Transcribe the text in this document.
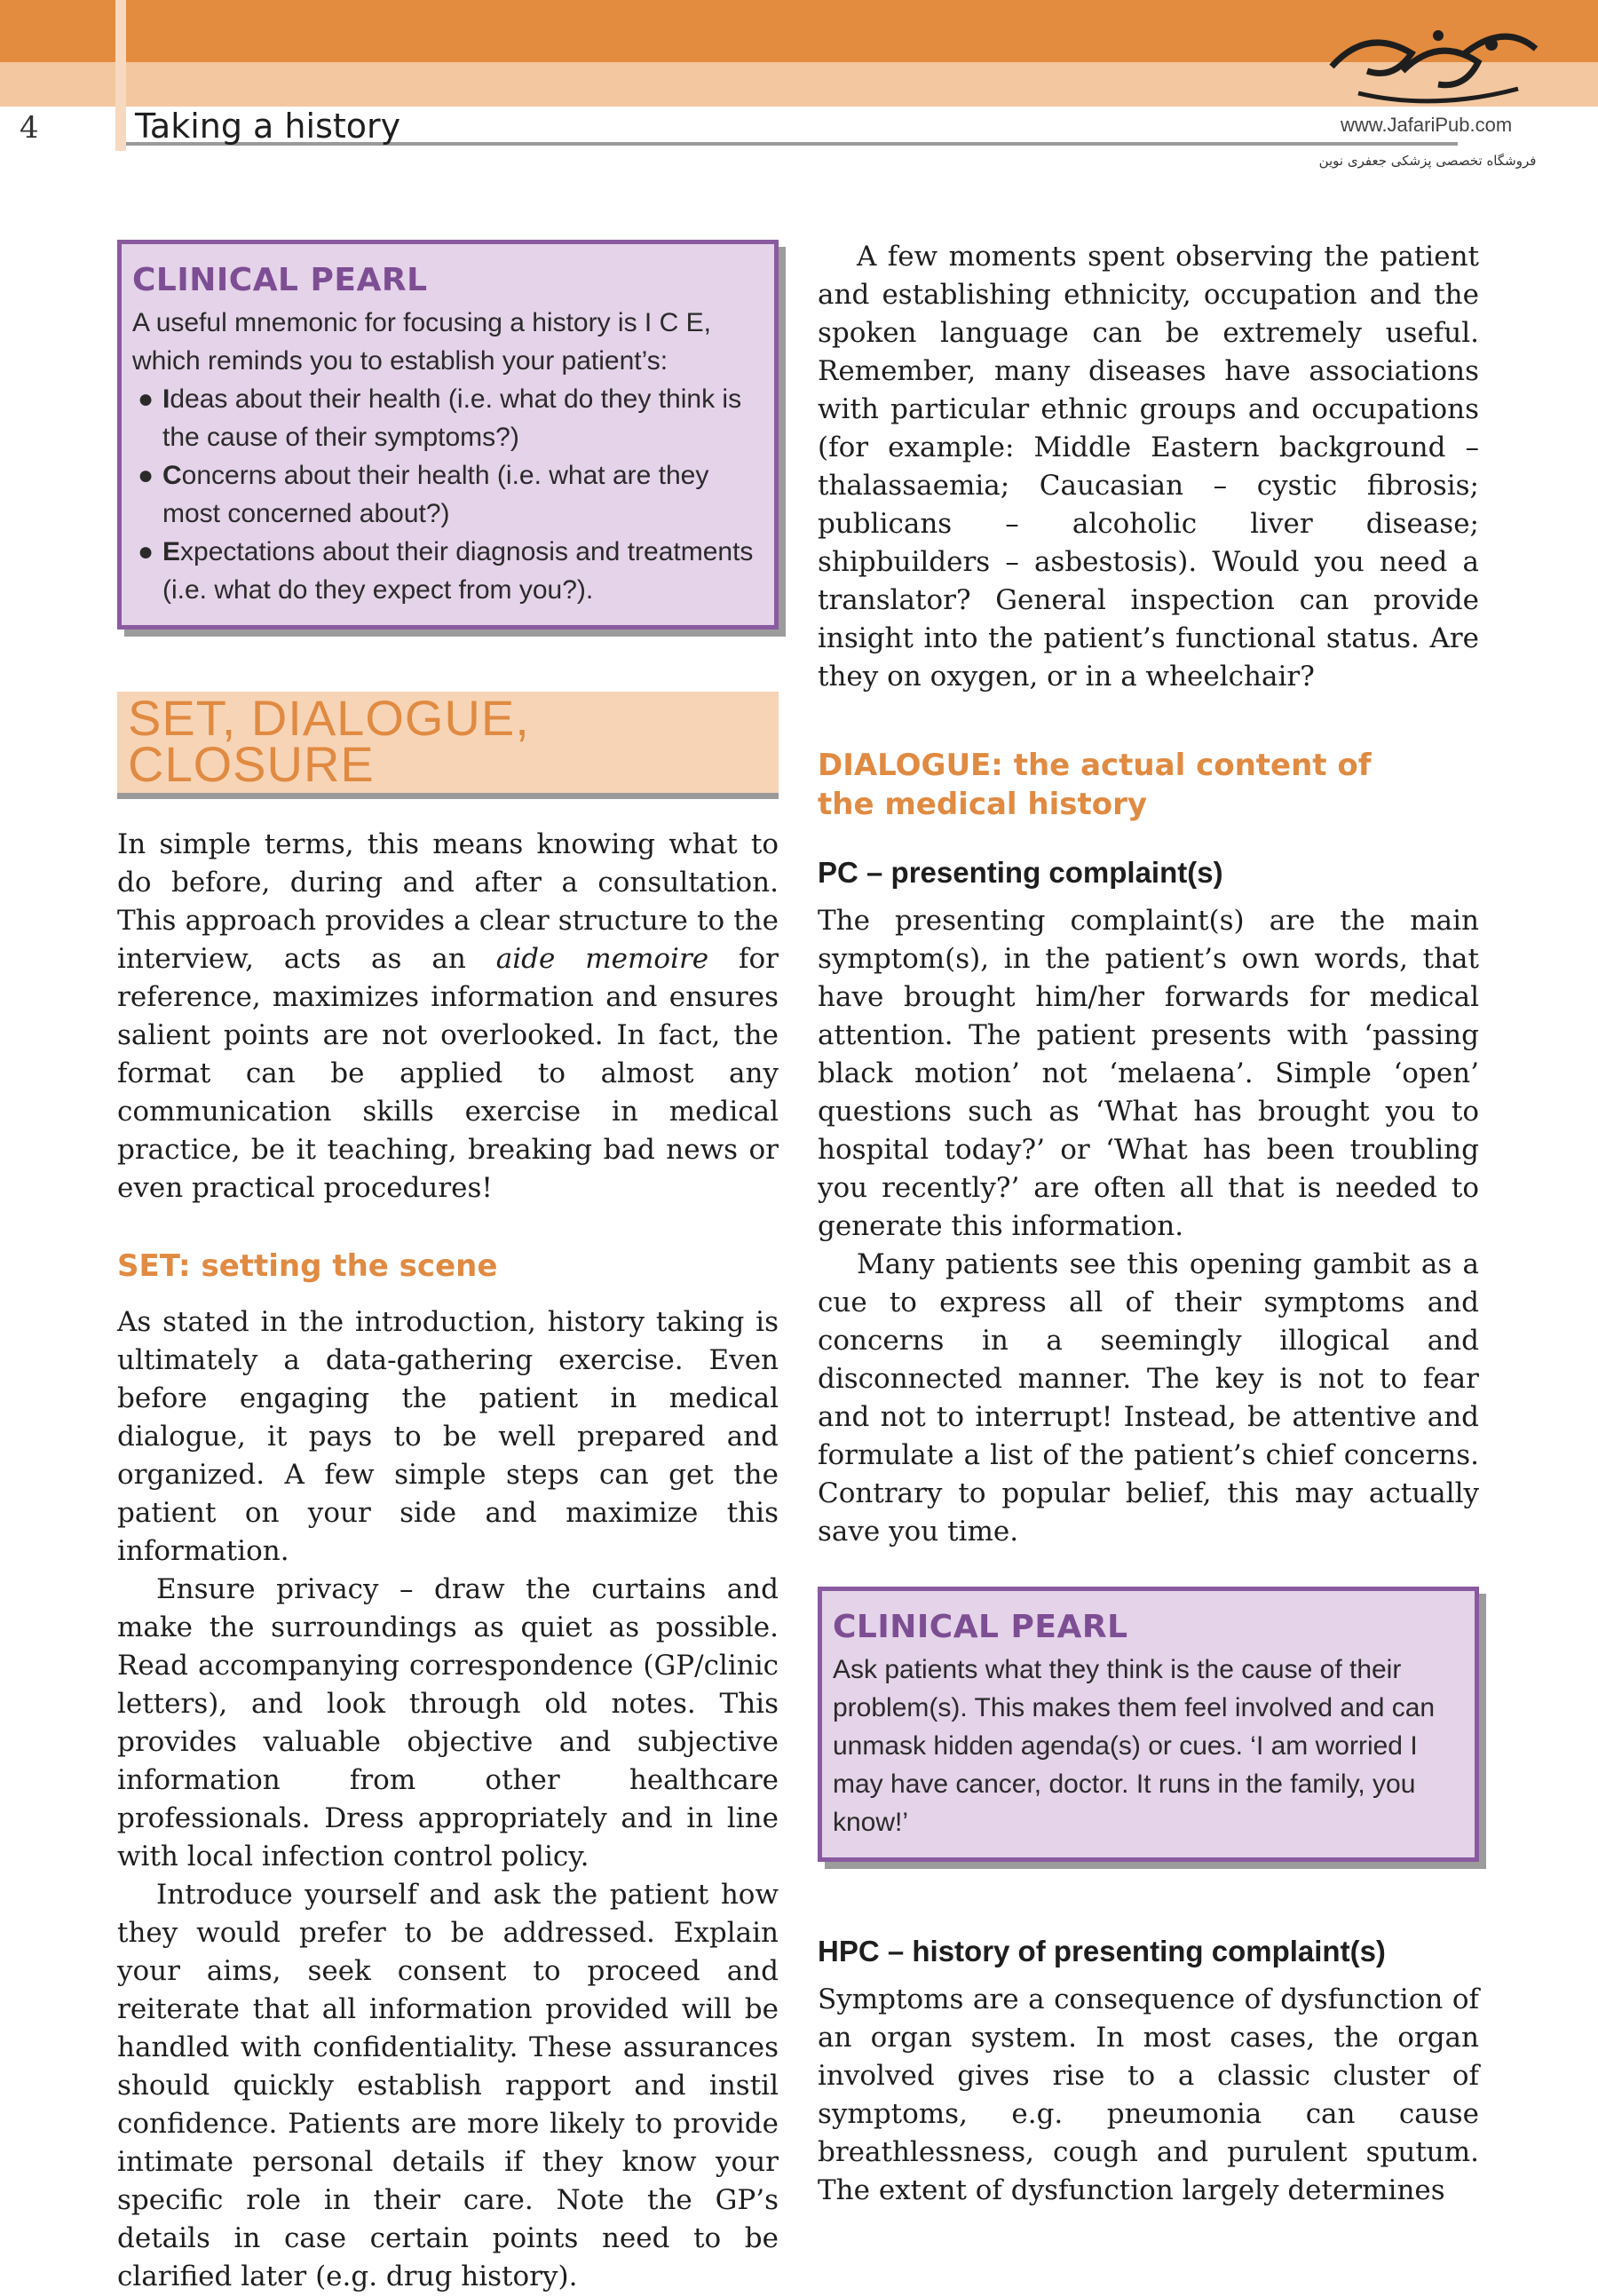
4	Taking a history	www.JafariPub.com
فروشگاه تخصصی پزشکی جعفری نوین

CLINICAL PEARL

A useful mnemonic for focusing a history is I C E, which reminds you to establish your patient’s:

● Ideas about their health (i.e. what do they think is the cause of their symptoms?)
● Concerns about their health (i.e. what are they most concerned about?)
● Expectations about their diagnosis and treatments (i.e. what do they expect from you?).

SET, DIALOGUE,

CLOSURE

In simple terms, this means knowing what to do before, during and after a consultation. This approach provides a clear structure to the interview, acts as an aide memoire for reference, maximizes information and ensures salient points are not overlooked. In fact, the format can be applied to almost any communication skills exercise in medical practice, be it teaching, breaking bad news or even practical procedures!

SET: setting the scene

As stated in the introduction, history taking is ultimately a data-gathering exercise. Even before engaging the patient in medical dialogue, it pays to be well prepared and organized. A few simple steps can get the patient on your side and maximize this information.

Ensure privacy – draw the curtains and make the surroundings as quiet as possible. Read accompanying correspondence (GP/clinic letters), and look through old notes. This provides valuable objective and subjective information from other healthcare professionals. Dress appropriately and in line with local infection control policy.

Introduce yourself and ask the patient how they would prefer to be addressed. Explain your aims, seek consent to proceed and reiterate that all information provided will be handled with confidentiality. These assurances should quickly establish rapport and instil confidence. Patients are more likely to provide intimate personal details if they know your specific role in their care. Note the GP’s details in case certain points need to be clarified later (e.g. drug history).

A few moments spent observing the patient and establishing ethnicity, occupation and the spoken language can be extremely useful. Remember, many diseases have associations with particular ethnic groups and occupations (for example: Middle Eastern background – thalassaemia; Caucasian – cystic fibrosis; publicans – alcoholic liver disease; shipbuilders – asbestosis). Would you need a translator? General inspection can provide insight into the patient’s functional status. Are they on oxygen, or in a wheelchair?

DIALOGUE: the actual content of

the medical history

PC – presenting complaint(s)

The presenting complaint(s) are the main symptom(s), in the patient’s own words, that have brought him/her forwards for medical attention. The patient presents with ‘passing black motion’ not ‘melaena’. Simple ‘open’ questions such as ‘What has brought you to hospital today?’ or ‘What has been troubling you recently?’ are often all that is needed to generate this information.

Many patients see this opening gambit as a cue to express all of their symptoms and concerns in a seemingly illogical and disconnected manner. The key is not to fear and not to interrupt! Instead, be attentive and formulate a list of the patient’s chief concerns. Contrary to popular belief, this may actually save you time.

CLINICAL PEARL

Ask patients what they think is the cause of their problem(s). This makes them feel involved and can unmask hidden agenda(s) or cues. ‘I am worried I may have cancer, doctor. It runs in the family, you know!’

HPC – history of presenting complaint(s)

Symptoms are a consequence of dysfunction of an organ system. In most cases, the organ involved gives rise to a classic cluster of symptoms, e.g. pneumonia can cause breathlessness, cough and purulent sputum. The extent of dysfunction largely determines
